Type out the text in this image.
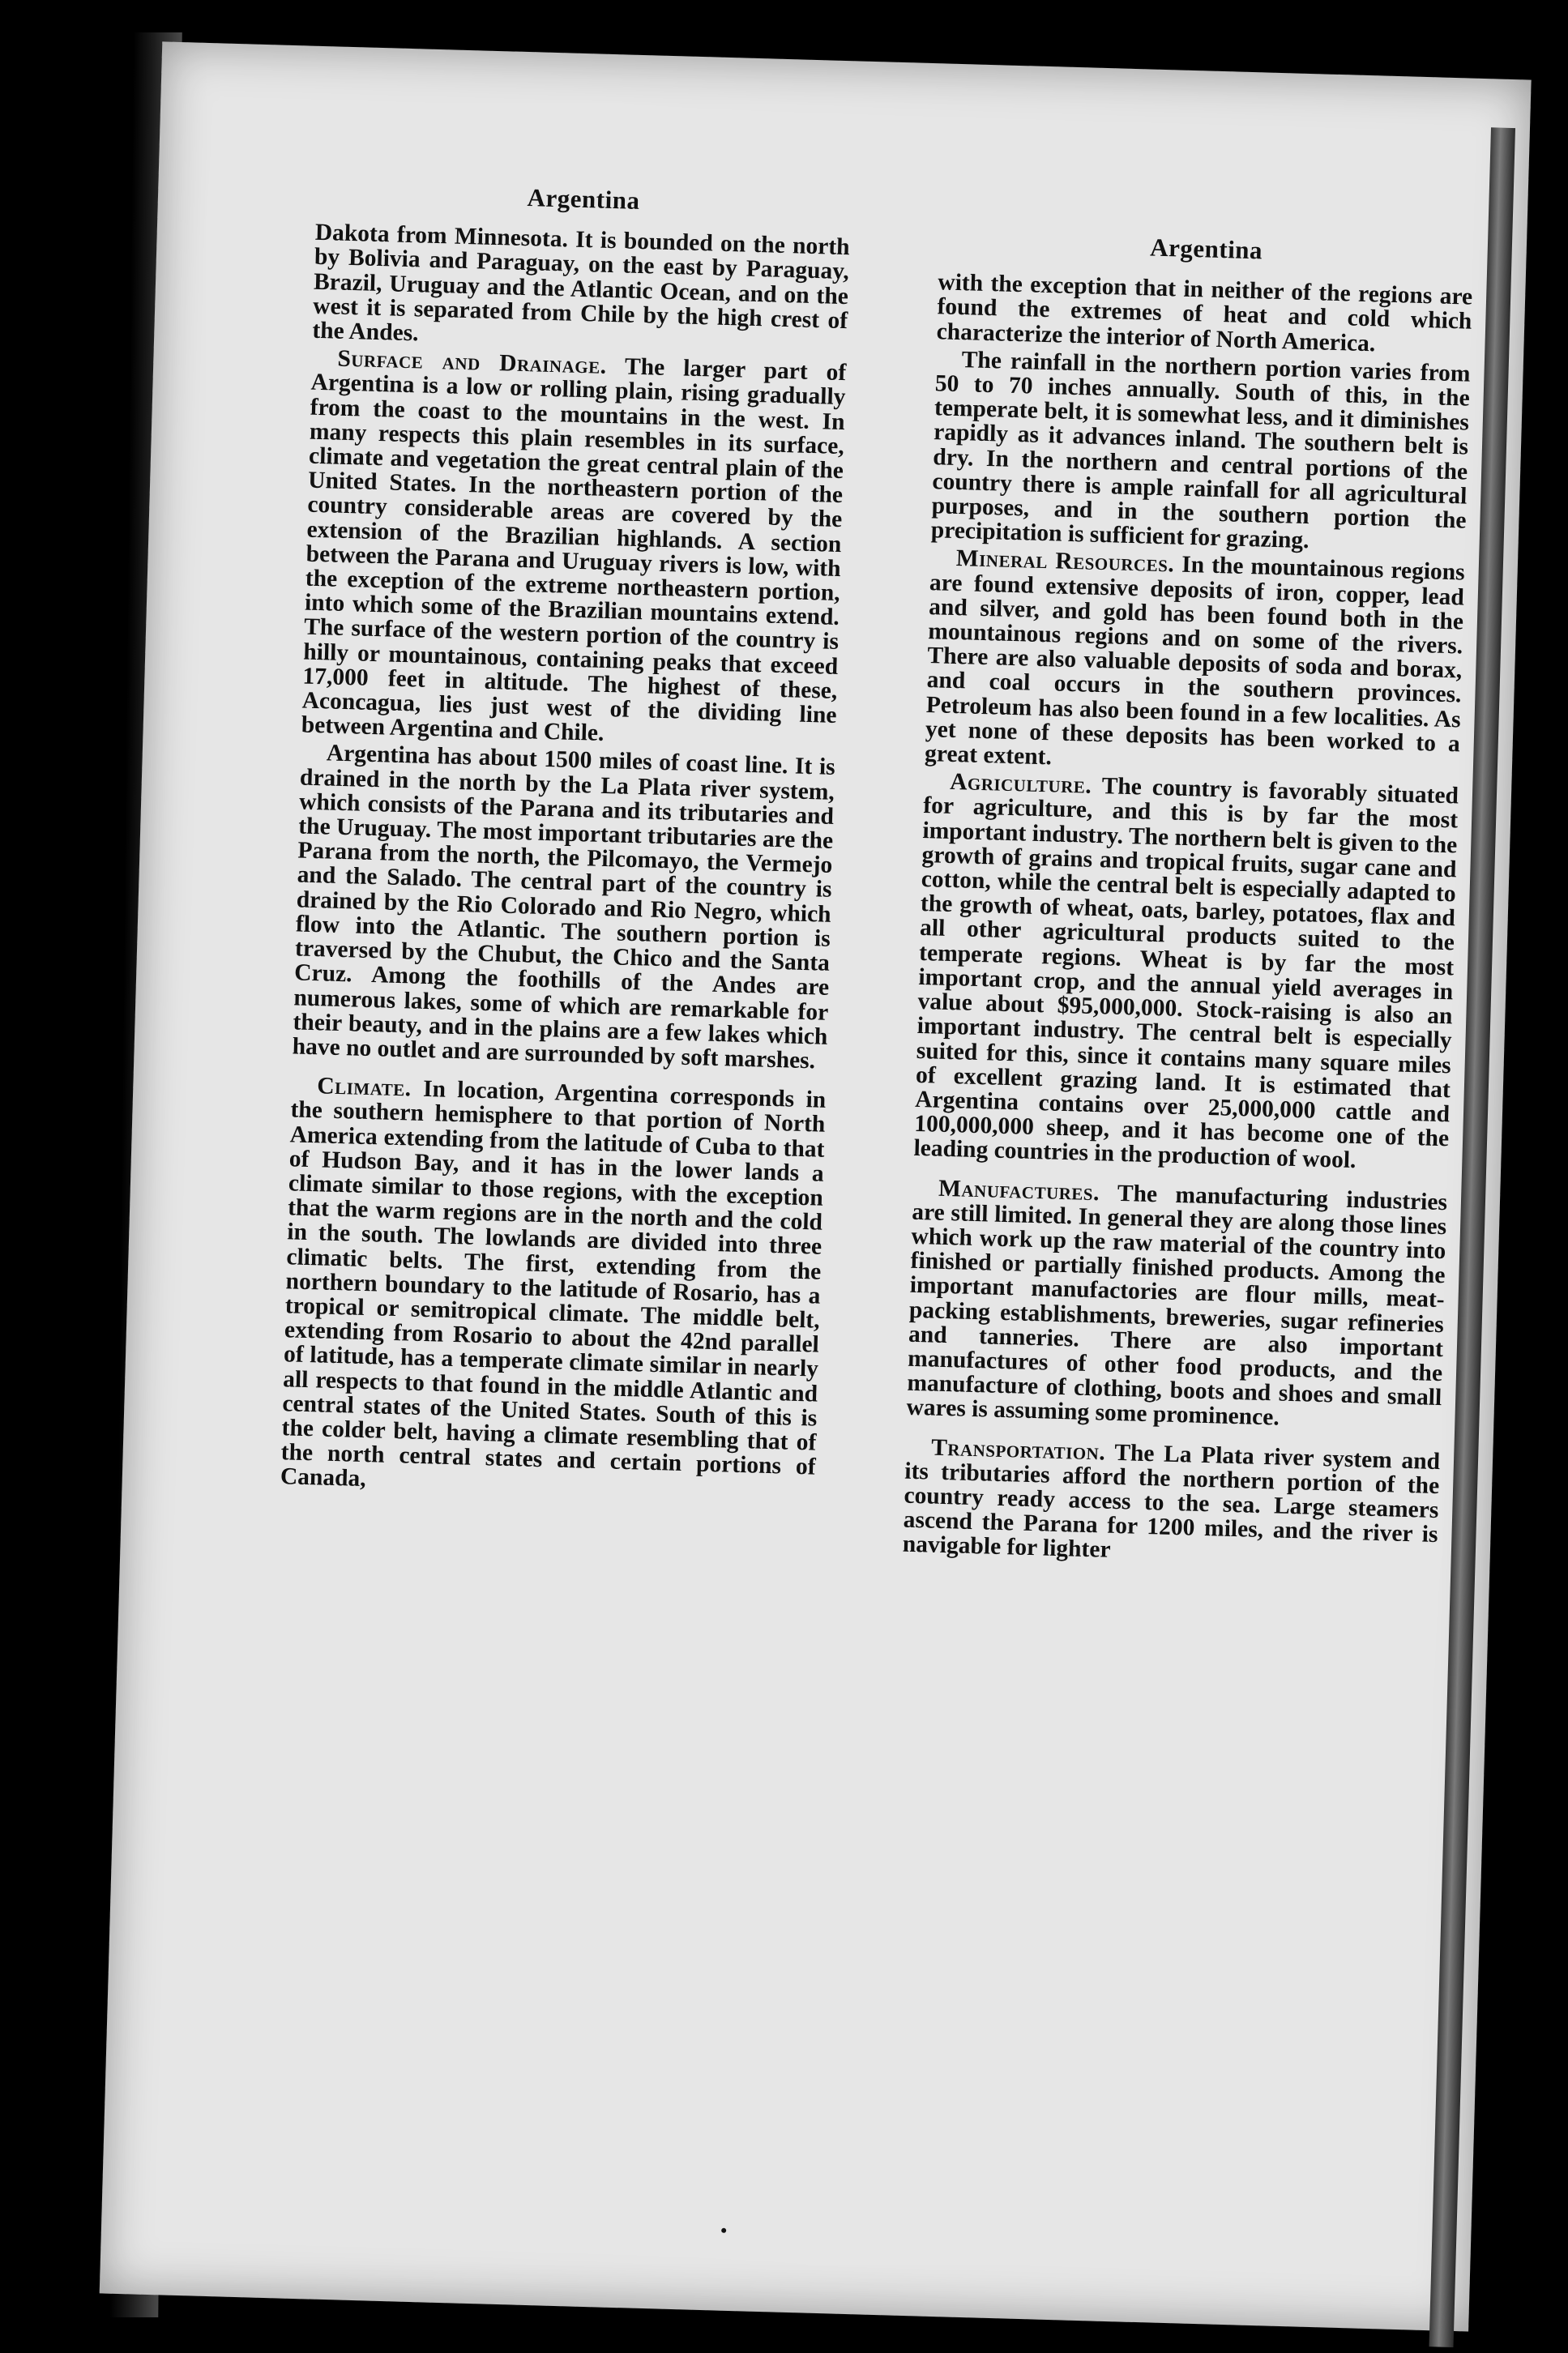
Argentina

Dakota from Minnesota. It is bounded on the north by Bolivia and Paraguay, on the east by Paraguay, Brazil, Uruguay and the Atlantic Ocean, and on the west it is separated from Chile by the high crest of the Andes.

Surface and Drainage. The larger part of Argentina is a low or rolling plain, rising gradually from the coast to the mountains in the west. In many respects this plain resembles in its surface, climate and vegetation the great central plain of the United States. In the northeastern portion of the country considerable areas are covered by the extension of the Brazilian highlands. A section between the Parana and Uruguay rivers is low, with the exception of the extreme northeastern portion, into which some of the Brazilian mountains extend. The surface of the western portion of the country is hilly or mountainous, containing peaks that exceed 17,000 feet in altitude. The highest of these, Aconcagua, lies just west of the dividing line between Argentina and Chile.

Argentina has about 1500 miles of coast line. It is drained in the north by the La Plata river system, which consists of the Parana and its tributaries and the Uruguay. The most important tributaries are the Parana from the north, the Pilcomayo, the Vermejo and the Salado. The central part of the country is drained by the Rio Colorado and Rio Negro, which flow into the Atlantic. The southern portion is traversed by the Chubut, the Chico and the Santa Cruz. Among the foothills of the Andes are numerous lakes, some of which are remarkable for their beauty, and in the plains are a few lakes which have no outlet and are surrounded by soft marshes.

Climate. In location, Argentina corresponds in the southern hemisphere to that portion of North America extending from the latitude of Cuba to that of Hudson Bay, and it has in the lower lands a climate similar to those regions, with the exception that the warm regions are in the north and the cold in the south. The lowlands are divided into three climatic belts. The first, extending from the northern boundary to the latitude of Rosario, has a tropical or semitropical climate. The middle belt, extending from Rosario to about the 42nd parallel of latitude, has a temperate climate similar in nearly all respects to that found in the middle Atlantic and central states of the United States. South of this is the colder belt, having a climate resembling that of the north central states and certain portions of Canada,

Argentina

with the exception that in neither of the regions are found the extremes of heat and cold which characterize the interior of North America.

The rainfall in the northern portion varies from 50 to 70 inches annually. South of this, in the temperate belt, it is somewhat less, and it diminishes rapidly as it advances inland. The southern belt is dry. In the northern and central portions of the country there is ample rainfall for all agricultural purposes, and in the southern portion the precipitation is sufficient for grazing.

Mineral Resources. In the mountainous regions are found extensive deposits of iron, copper, lead and silver, and gold has been found both in the mountainous regions and on some of the rivers. There are also valuable deposits of soda and borax, and coal occurs in the southern provinces. Petroleum has also been found in a few localities. As yet none of these deposits has been worked to a great extent.

Agriculture. The country is favorably situated for agriculture, and this is by far the most important industry. The northern belt is given to the growth of grains and tropical fruits, sugar cane and cotton, while the central belt is especially adapted to the growth of wheat, oats, barley, potatoes, flax and all other agricultural products suited to the temperate regions. Wheat is by far the most important crop, and the annual yield averages in value about $95,000,000. Stock-raising is also an important industry. The central belt is especially suited for this, since it contains many square miles of excellent grazing land. It is estimated that Argentina contains over 25,000,000 cattle and 100,000,000 sheep, and it has become one of the leading countries in the production of wool.

Manufactures. The manufacturing industries are still limited. In general they are along those lines which work up the raw material of the country into finished or partially finished products. Among the important manufactories are flour mills, meat-packing establishments, breweries, sugar refineries and tanneries. There are also important manufactures of other food products, and the manufacture of clothing, boots and shoes and small wares is assuming some prominence.

Transportation. The La Plata river system and its tributaries afford the northern portion of the country ready access to the sea. Large steamers ascend the Parana for 1200 miles, and the river is navigable for lighter
